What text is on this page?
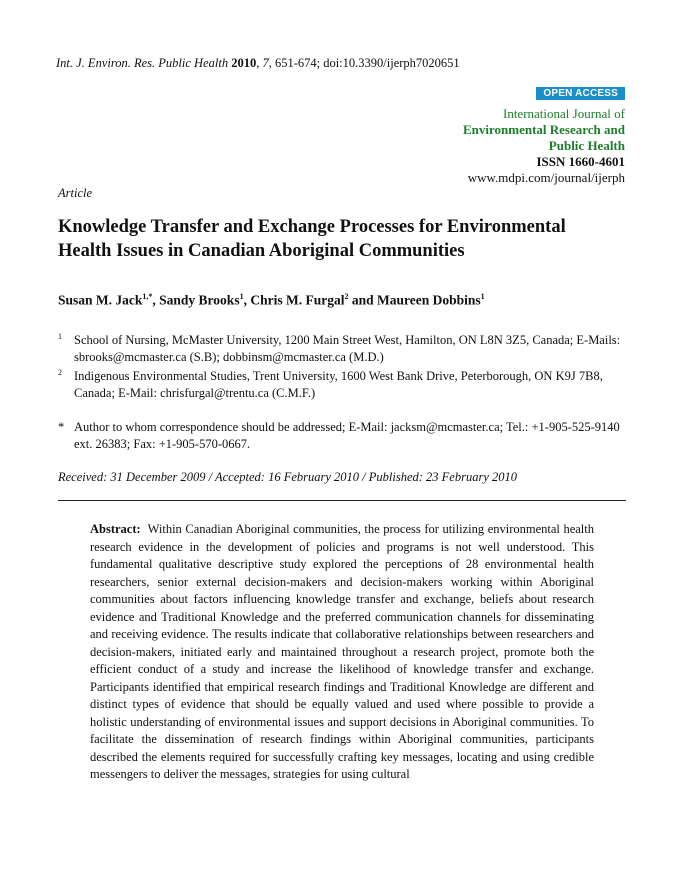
Int. J. Environ. Res. Public Health 2010, 7, 651-674; doi:10.3390/ijerph7020651
OPEN ACCESS
International Journal of
Environmental Research and
Public Health
ISSN 1660-4601
www.mdpi.com/journal/ijerph
Article
Knowledge Transfer and Exchange Processes for Environmental Health Issues in Canadian Aboriginal Communities
Susan M. Jack$^{1,*}$, Sandy Brooks$^1$, Chris M. Furgal$^2$ and Maureen Dobbins$^1$
1 School of Nursing, McMaster University, 1200 Main Street West, Hamilton, ON L8N 3Z5, Canada; E-Mails: sbrooks@mcmaster.ca (S.B); dobbinsm@mcmaster.ca (M.D.)
2 Indigenous Environmental Studies, Trent University, 1600 West Bank Drive, Peterborough, ON K9J 7B8, Canada; E-Mail: chrisfurgal@trentu.ca (C.M.F.)
* Author to whom correspondence should be addressed; E-Mail: jacksm@mcmaster.ca; Tel.: +1-905-525-9140 ext. 26383; Fax: +1-905-570-0667.
Received: 31 December 2009 / Accepted: 16 February 2010 / Published: 23 February 2010
Abstract: Within Canadian Aboriginal communities, the process for utilizing environmental health research evidence in the development of policies and programs is not well understood. This fundamental qualitative descriptive study explored the perceptions of 28 environmental health researchers, senior external decision-makers and decision-makers working within Aboriginal communities about factors influencing knowledge transfer and exchange, beliefs about research evidence and Traditional Knowledge and the preferred communication channels for disseminating and receiving evidence. The results indicate that collaborative relationships between researchers and decision-makers, initiated early and maintained throughout a research project, promote both the efficient conduct of a study and increase the likelihood of knowledge transfer and exchange. Participants identified that empirical research findings and Traditional Knowledge are different and distinct types of evidence that should be equally valued and used where possible to provide a holistic understanding of environmental issues and support decisions in Aboriginal communities. To facilitate the dissemination of research findings within Aboriginal communities, participants described the elements required for successfully crafting key messages, locating and using credible messengers to deliver the messages, strategies for using cultural
